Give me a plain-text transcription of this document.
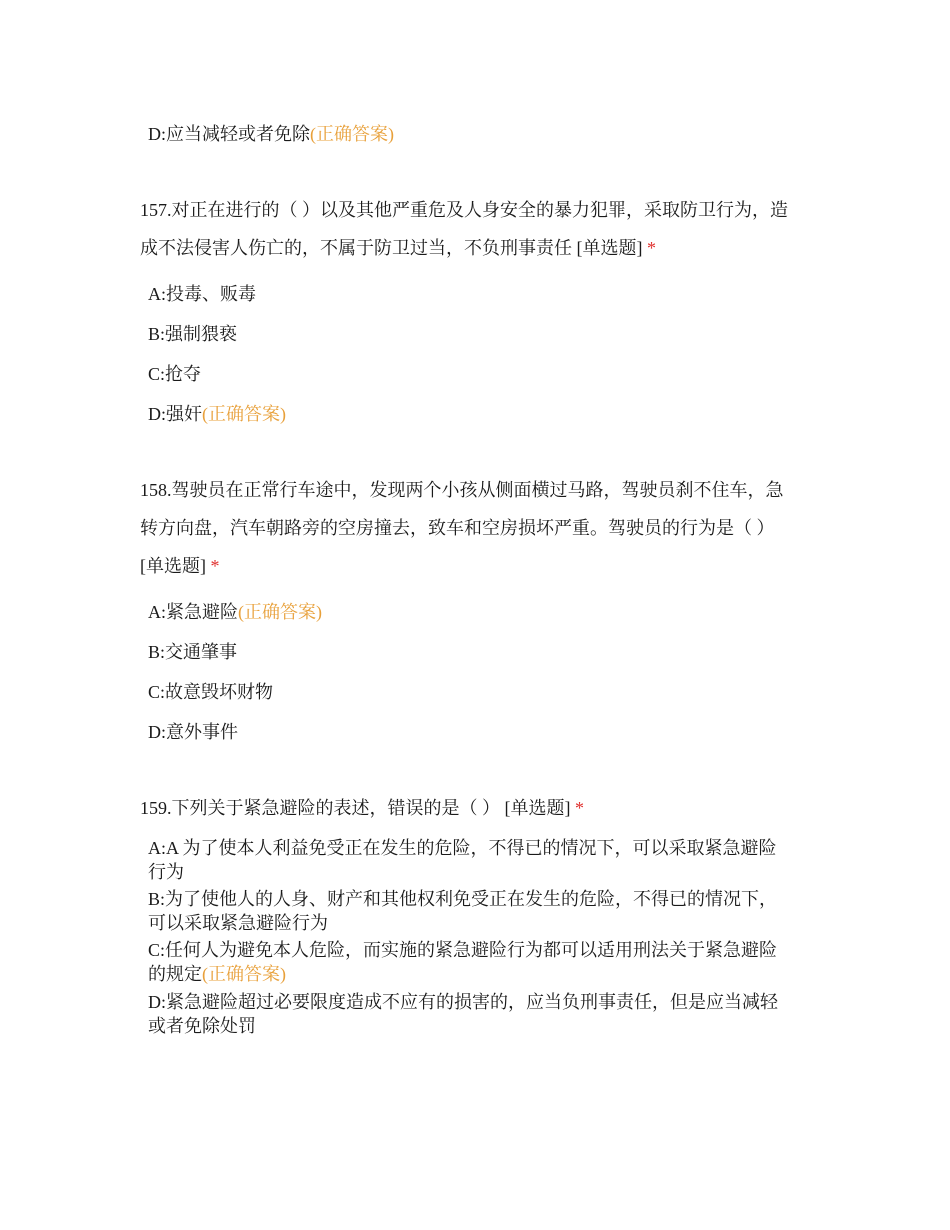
D:应当减轻或者免除(正确答案)
157.对正在进行的（ ）以及其他严重危及人身安全的暴力犯罪，采取防卫行为，造
成不法侵害人伤亡的，不属于防卫过当，不负刑事责任 [单选题] *
A:投毒、贩毒
B:强制猥亵
C:抢夺
D:强奸(正确答案)
158.驾驶员在正常行车途中，发现两个小孩从侧面横过马路，驾驶员刹不住车，急
转方向盘，汽车朝路旁的空房撞去，致车和空房损坏严重。驾驶员的行为是（ ）
[单选题] *
A:紧急避险(正确答案)
B:交通肇事
C:故意毁坏财物
D:意外事件
159.下列关于紧急避险的表述，错误的是（ ） [单选题] *
A:A 为了使本人利益免受正在发生的危险，不得已的情况下，可以采取紧急避险
行为
B:为了使他人的人身、财产和其他权利免受正在发生的危险，不得已的情况下，
可以采取紧急避险行为
C:任何人为避免本人危险，而实施的紧急避险行为都可以适用刑法关于紧急避险
的规定(正确答案)
D:紧急避险超过必要限度造成不应有的损害的，应当负刑事责任，但是应当减轻
或者免除处罚
